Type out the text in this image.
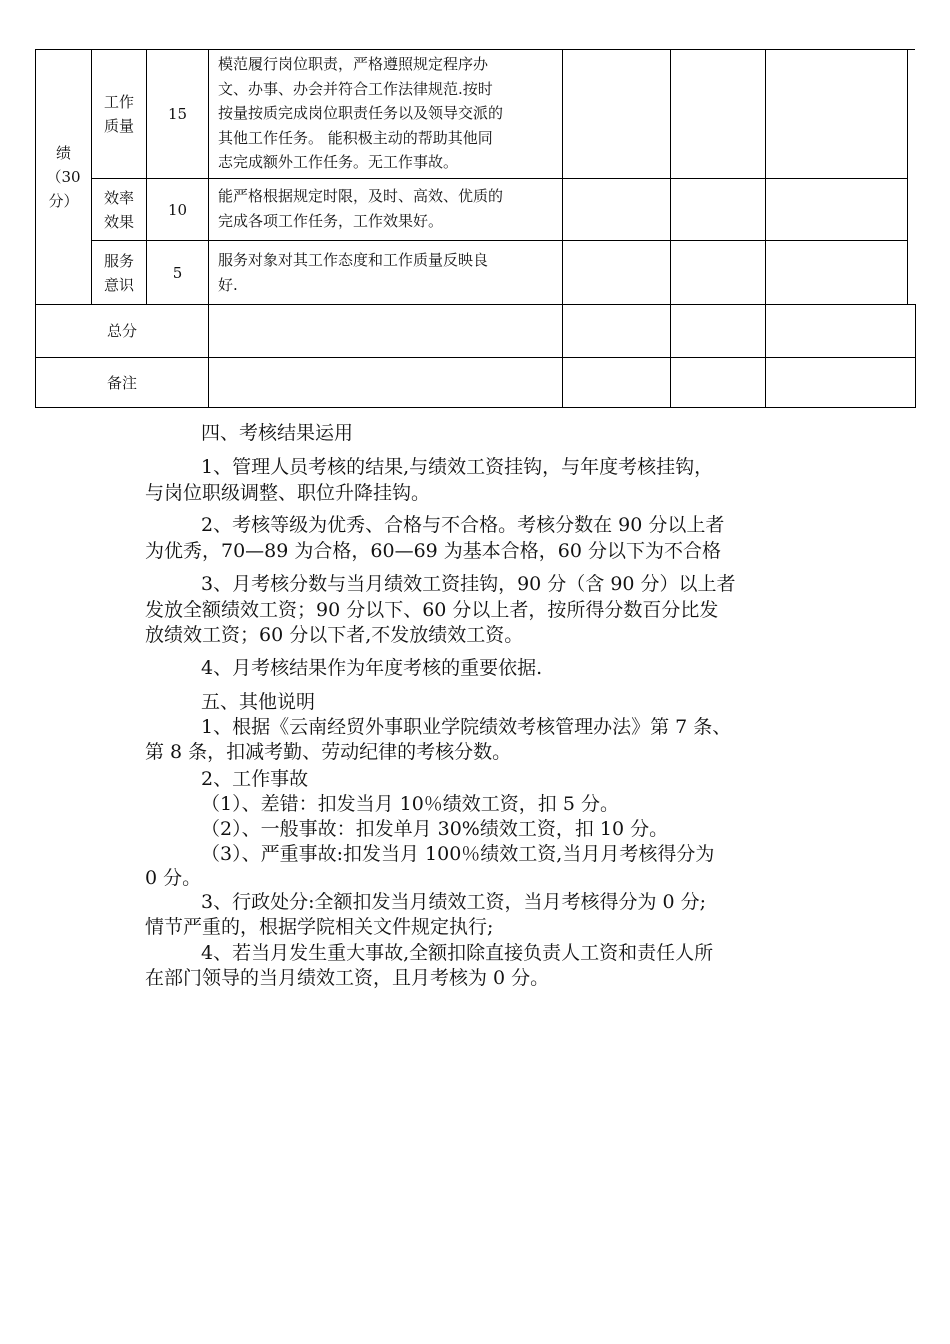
绩
（30
分）
工作
质量
15
模范履行岗位职责，严格遵照规定程序办
文、办事、办会并符合工作法律规范.按时
按量按质完成岗位职责任务以及领导交派的
其他工作任务。 能积极主动的帮助其他同
志完成额外工作任务。无工作事故。
效率
效果
10
能严格根据规定时限，及时、高效、优质的
完成各项工作任务，工作效果好。
服务
意识
5
服务对象对其工作态度和工作质量反映良
好.
总分
备注
四、考核结果运用
1、管理人员考核的结果,与绩效工资挂钩，与年度考核挂钩，
与岗位职级调整、职位升降挂钩。
2、考核等级为优秀、合格与不合格。考核分数在 90 分以上者
为优秀，70—89 为合格，60—69 为基本合格，60 分以下为不合格
3、月考核分数与当月绩效工资挂钩，90 分（含 90 分）以上者
发放全额绩效工资；90 分以下、60 分以上者，按所得分数百分比发
放绩效工资；60 分以下者,不发放绩效工资。
4、月考核结果作为年度考核的重要依据.
五、其他说明
1、根据《云南经贸外事职业学院绩效考核管理办法》第 7 条、
第 8 条，扣减考勤、劳动纪律的考核分数。
2、工作事故
（1）、差错：扣发当月 10％绩效工资，扣 5 分。
（2）、一般事故：扣发单月 30%绩效工资，扣 10 分。
（3）、严重事故:扣发当月 100％绩效工资,当月月考核得分为
0 分。
3、行政处分:全额扣发当月绩效工资，当月考核得分为 0 分;
情节严重的，根据学院相关文件规定执行;
4、若当月发生重大事故,全额扣除直接负责人工资和责任人所
在部门领导的当月绩效工资，且月考核为 0 分。
